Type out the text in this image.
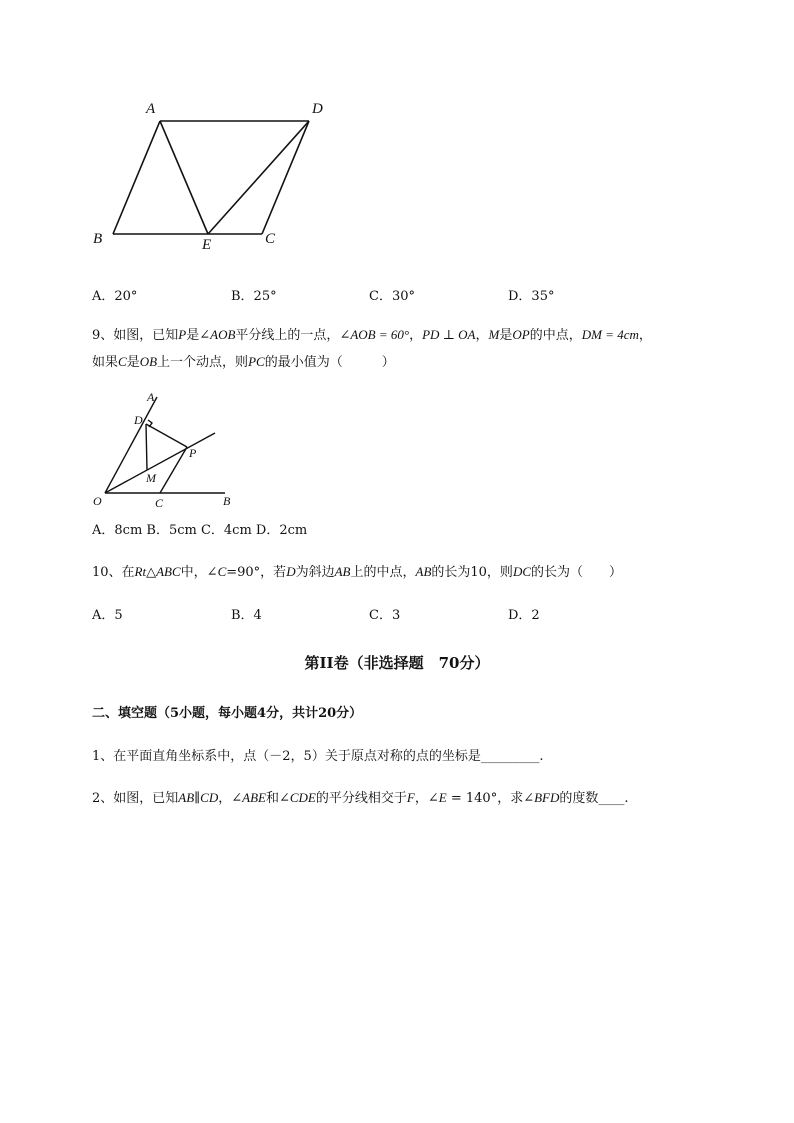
A	D
B	E	C
A．20°	B．25°	C．30°	D．35°
9、如图，已知P是∠AOB平分线上的一点，∠AOB = 60°，PD ⊥ OA，M是OP的中点，DM = 4cm，
如果C是OB上一个动点，则PC的最小值为（　　　）
A
D
P
M
O	C	B
A．8cm B．5cm C．4cm D．2cm
10、在Rt△ABC中，∠C=90°，若D为斜边AB上的中点，AB的长为10，则DC的长为（　　）
A．5	B．4	C．3	D．2
第II卷（非选择题　70分）
二、填空题（5小题，每小题4分，共计20分）
1、在平面直角坐标系中，点（－2，5）关于原点对称的点的坐标是_________.
2、如图，已知AB∥CD，∠ABE和∠CDE的平分线相交于F，∠E = 140°，求∠BFD的度数____.
